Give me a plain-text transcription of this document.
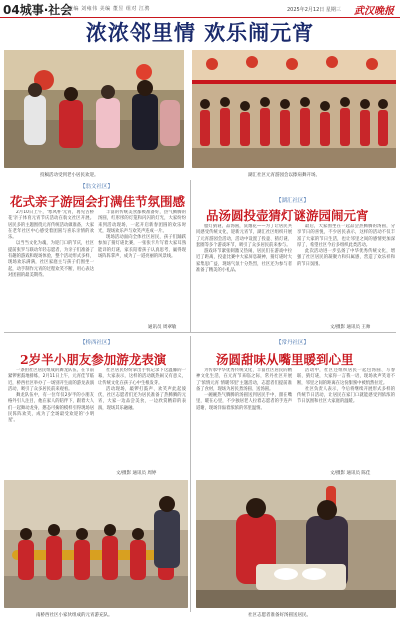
04城事·社会
责编 刘雍伟 美编 董昱 组对 江骋	2025年2月12日 星期三 武汉晚报
浓浓邻里情 欢乐闹元宵
投稿活动受到老小居民欢迎。	湖汇社区元宵游园会以擦肩舞开场。
【翁文社区】
花式亲子游园会打满佳节氛围感

2月10日上午，'寒风杯'元宵，再见古桥花'亲子体育元宵节庆活动在翁文社区开展。居民多的主题围绕元宵传统活动做准备，大家在老年社区中心感受着团圆与喜乐亲情的欢乐。

以当当文化为魂，为迎门口的节庆，社区提前张罗与联动年轻志愿者，为亲子们准备了有趣的游戏和现场体验，整个活动形式多样，现场欢乐满满，社区家庭主与孩子们围坐一起，动手制作元宵的过程欢笑不断，用心表达对团圆的最美期待。

丰富的传统美食都被准备好，热气腾腾的汤圆，红彤彤的灯笼和闪闪的灯光，大家纷纷来到活动现场，一起开启新春团圆的欢乐时光，现场欢乐声与欢笑声连成一片。

现场活动面向全体社区居民，孩子们踊跃参加了猜灯谜比赛，一张张卡片写着大家耳熟能详的灯谜，家长陪着孩子认真思考，赢得现场阵阵掌声，成为了一道亮丽的风景线。

通讯员 周翠敏
【湖汇社区】
品汤圆投壶猜灯谜游园闹元宵

腊灯猜谜，品汤圆，赏烟花——为了让居民共同感受传统文化，迎新元宵节，湖汇社区组织开展了元宵游园会活动，活动中设置了投壶、猜灯谜、套圈等多个游戏环节，吸引了众多居民前来参与。

游戏环节紧张刺激又热闹，居民们在游戏中拉近了距离，投壶比赛中大家屏息凝神，猜灯谜时大家集思广益，现场气氛十分热烈，社区还为参与者准备了精美的小礼品。

最后，大家围坐在一起品尝热腾腾的汤圆，分享节日的喜悦，不少居民表示，这样的活动不仅丰富了大家的节日生活，也让邻里之间的感情更加深厚了，希望社区今后多组织此类活动。

此次活动进一步弘扬了中华优秀传统文化，增强了社区居民的凝聚力和归属感，营造了欢乐祥和的节日氛围。

文/摄影 通讯员 王帅
【桥西社区】
2岁半小朋友参加游龙表演

一条由社区居民组成的舞龙队伍，在节前紧锣密鼓地排练，2月11日上午，元宵佳节临近，桥西社区举办了一场别开生面的游龙表演活动，吸引了众多居民前来观看。

舞龙队伍中，有一位年仅2岁半的小朋友格外引人注目，他在家人的陪伴下，跟着大人们一起舞动龙身，憨态可掬的模样引得现场居民阵阵欢笑，成为了全场最受欢迎的'小明星'。

社区居民纷纷拿出手机记录下这温馨的一幕，大家表示，这样的活动既热闹又有意义，让传统文化在孩子心中生根发芽。

活动现场，敲锣打鼓声、欢笑声此起彼伏，社区志愿者们还为居民准备了热腾腾的元宵，大家一边品尝美食，一边欣赏精彩的表演，现场其乐融融。

文/摄影 通讯员 周婷
南桥西社区小家伙组成的元宵游充队。
【常丹社区】
汤圆甜味从嘴里暖到心里

为传承中华优秀传统文化，丰富社区居民的精神文化生活，在元宵节来临之际，常丹社区开展了'浓情元宵 情暖邻里'主题活动，志愿者们提前准备了食材，现场为居民煮汤圆、送汤圆。

一碗碗热气腾腾的汤圆送到居民手中，甜在嘴里，暖在心里，不少独居老人拉着志愿者的手连声道谢，现场洋溢着浓浓的邻里温情。

活动中，社区还组织居民一起包汤圆、写春联、猜灯谜，大家你一言我一语，现场欢声笑语不断，邻里之间的距离在这份甜蜜中被悄然拉近。

社区负责人表示，今后将继续开展形式多样的传统节日活动，让居民在家门口就能感受到浓浓的节日氛围和社区大家庭的温暖。

文/摄影 通讯员 陈佳
社区志愿者准备好汤圆送居民。
